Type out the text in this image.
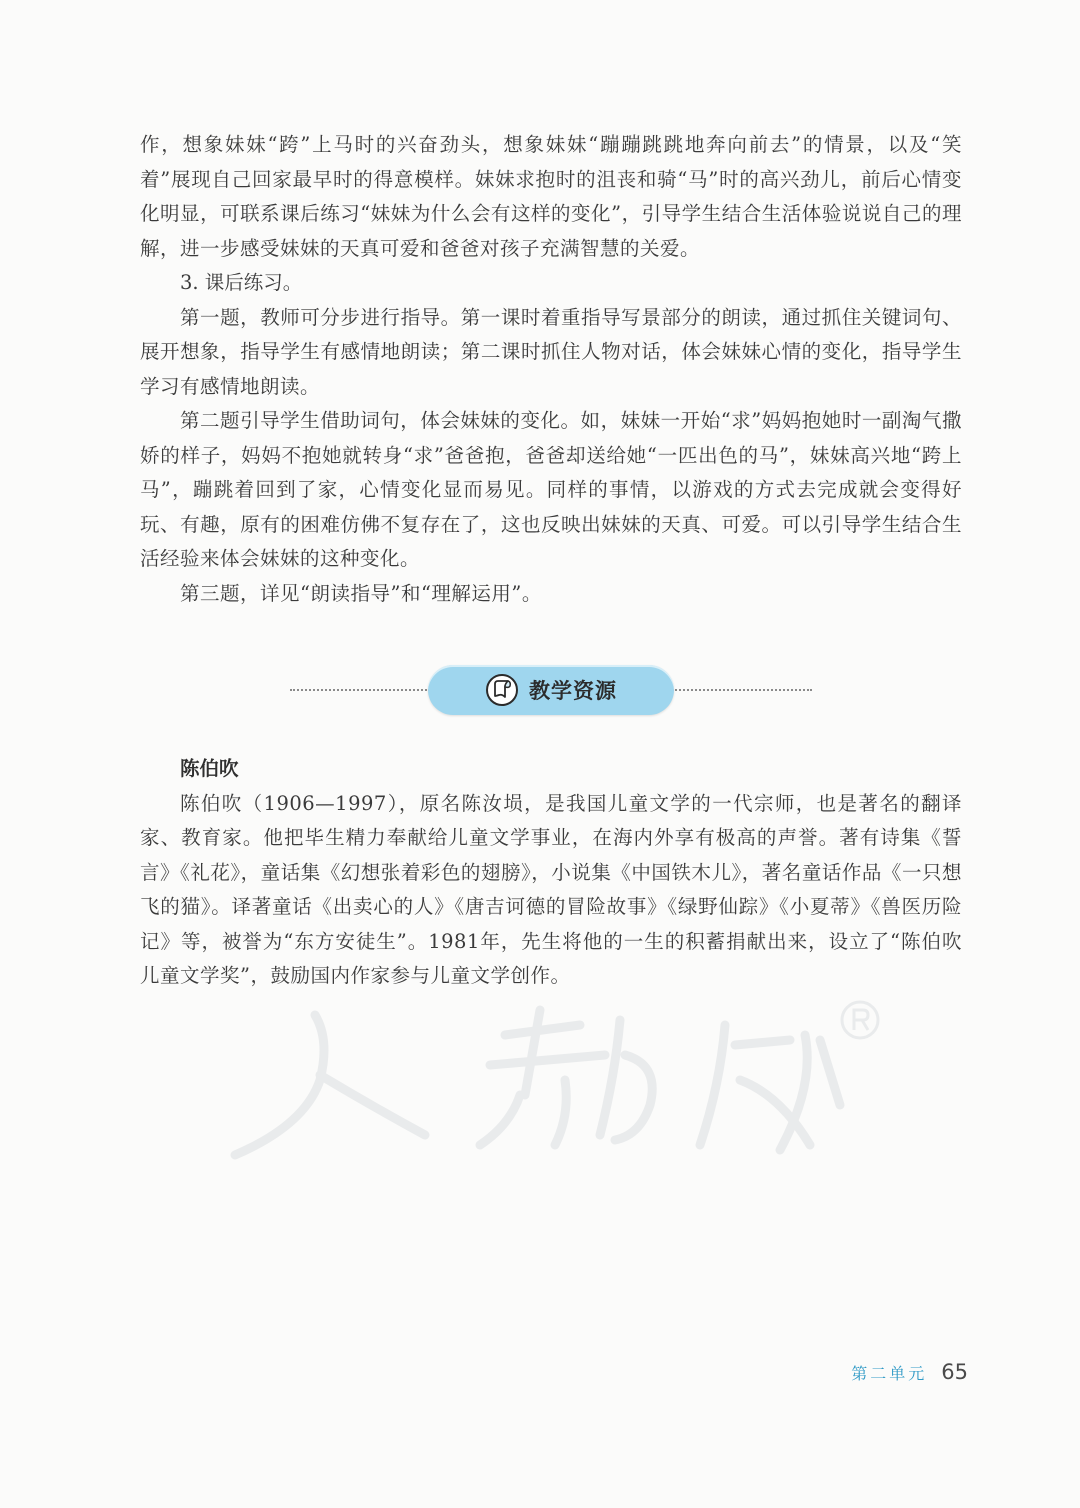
作，想象妹妹“跨”上马时的兴奋劲头，想象妹妹“蹦蹦跳跳地奔向前去”的情景，以及“笑着”展现自己回家最早时的得意模样。妹妹求抱时的沮丧和骑“马”时的高兴劲儿，前后心情变化明显，可联系课后练习“妹妹为什么会有这样的变化”，引导学生结合生活体验说说自己的理解，进一步感受妹妹的天真可爱和爸爸对孩子充满智慧的关爱。

3. 课后练习。

第一题，教师可分步进行指导。第一课时着重指导写景部分的朗读，通过抓住关键词句、展开想象，指导学生有感情地朗读；第二课时抓住人物对话，体会妹妹心情的变化，指导学生学习有感情地朗读。

第二题引导学生借助词句，体会妹妹的变化。如，妹妹一开始“求”妈妈抱她时一副淘气撒娇的样子，妈妈不抱她就转身“求”爸爸抱，爸爸却送给她“一匹出色的马”，妹妹高兴地“跨上马”，蹦跳着回到了家，心情变化显而易见。同样的事情，以游戏的方式去完成就会变得好玩、有趣，原有的困难仿佛不复存在了，这也反映出妹妹的天真、可爱。可以引导学生结合生活经验来体会妹妹的这种变化。

第三题，详见“朗读指导”和“理解运用”。

教学资源

陈伯吹

陈伯吹（1906—1997），原名陈汝埙，是我国儿童文学的一代宗师，也是著名的翻译家、教育家。他把毕生精力奉献给儿童文学事业，在海内外享有极高的声誉。著有诗集《誓言》《礼花》，童话集《幻想张着彩色的翅膀》，小说集《中国铁木儿》，著名童话作品《一只想飞的猫》。译著童话《出卖心的人》《唐吉诃德的冒险故事》《绿野仙踪》《小夏蒂》《兽医历险记》等，被誉为“东方安徒生”。1981年，先生将他的一生的积蓄捐献出来，设立了“陈伯吹儿童文学奖”，鼓励国内作家参与儿童文学创作。

第二单元 65
